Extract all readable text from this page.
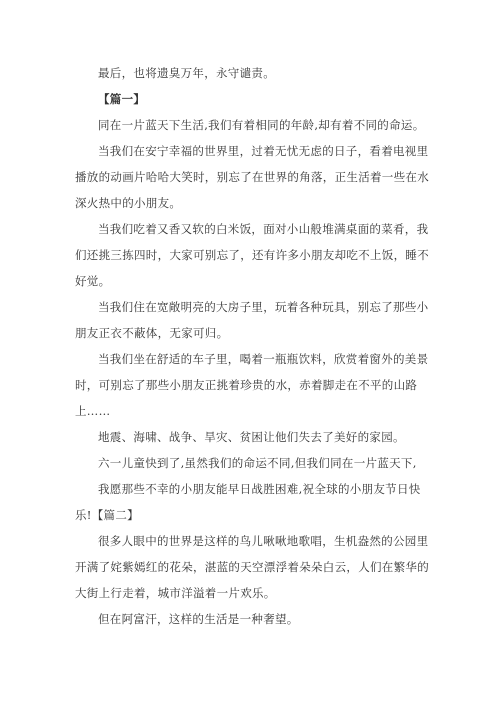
最后，也将遗臭万年，永守谴责。
【篇一】
同在一片蓝天下生活,我们有着相同的年龄,却有着不同的命运。
当我们在安宁幸福的世界里，过着无忧无虑的日子，看着电视里
播放的动画片哈哈大笑时，别忘了在世界的角落，正生活着一些在水
深火热中的小朋友。
当我们吃着又香又软的白米饭，面对小山般堆满桌面的菜肴，我
们还挑三拣四时，大家可别忘了，还有许多小朋友却吃不上饭，睡不
好觉。
当我们住在宽敞明亮的大房子里，玩着各种玩具，别忘了那些小
朋友正衣不蔽体，无家可归。
当我们坐在舒适的车子里，喝着一瓶瓶饮料，欣赏着窗外的美景
时，可别忘了那些小朋友正挑着珍贵的水，赤着脚走在不平的山路
上……
地震、海啸、战争、旱灾、贫困让他们失去了美好的家园。
六一儿童快到了,虽然我们的命运不同,但我们同在一片蓝天下,
我愿那些不幸的小朋友能早日战胜困难,祝全球的小朋友节日快
乐!【篇二】
很多人眼中的世界是这样的鸟儿啾啾地歌唱，生机盎然的公园里
开满了姹紫嫣红的花朵，湛蓝的天空漂浮着朵朵白云，人们在繁华的
大街上行走着，城市洋溢着一片欢乐。
但在阿富汗，这样的生活是一种奢望。
